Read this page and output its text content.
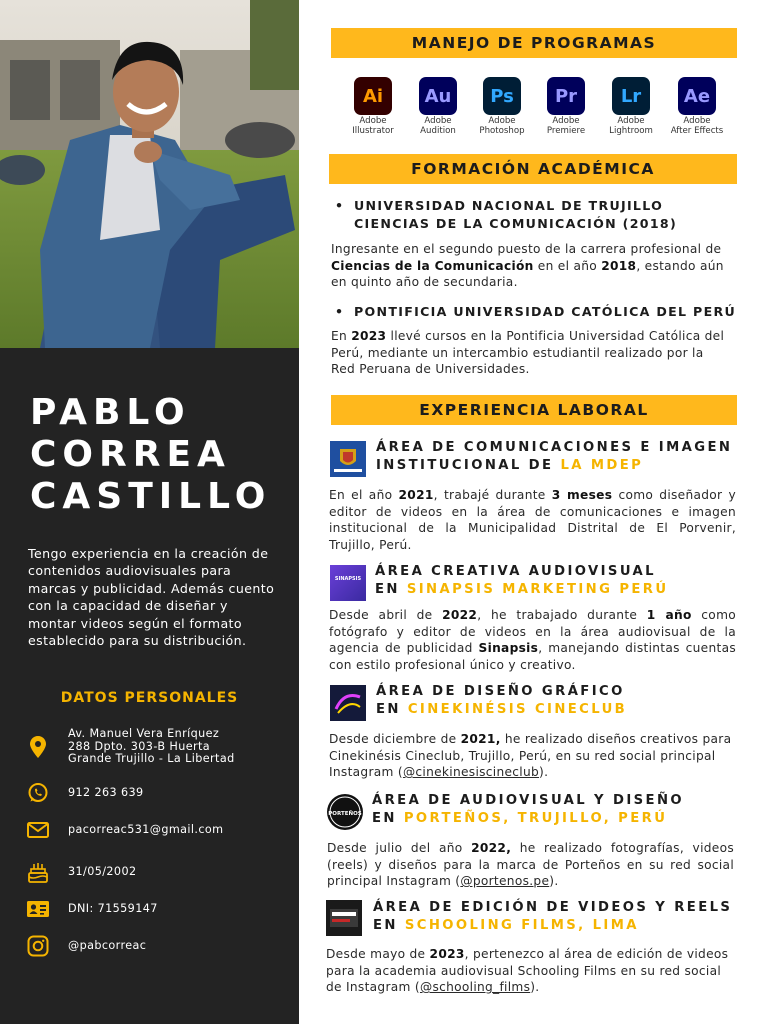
PABLO
CORREA
CASTILLO
Tengo experiencia en la creación de contenidos audiovisuales para marcas y publicidad. Además cuento con la capacidad de diseñar y montar videos según el formato establecido para su distribución.
DATOS PERSONALES
Av. Manuel Vera Enríquez
288 Dpto. 303-B Huerta
Grande Trujillo - La Libertad
912 263 639
pacorreac531@gmail.com
31/05/2002
DNI: 71559147
@pabcorreac
MANEJO DE PROGRAMAS
Ai
Adobe
Illustrator
Au
Adobe
Audition
Ps
Adobe
Photoshop
Pr
Adobe
Premiere
Lr
Adobe
Lightroom
Ae
Adobe
After Effects
FORMACIÓN ACADÉMICA
• UNIVERSIDAD NACIONAL DE TRUJILLO
CIENCIAS DE LA COMUNICACIÓN (2018)
Ingresante en el segundo puesto de la carrera profesional de Ciencias de la Comunicación en el año 2018, estando aún en quinto año de secundaria.
• PONTIFICIA UNIVERSIDAD CATÓLICA DEL PERÚ
En 2023 llevé cursos en la Pontificia Universidad Católica del Perú, mediante un intercambio estudiantil realizado por la Red Peruana de Universidades.
EXPERIENCIA LABORAL
ÁREA DE COMUNICACIONES E IMAGEN
INSTITUCIONAL DE LA MDEP
En el año 2021, trabajé durante 3 meses como diseñador y editor de videos en la área de comunicaciones e imagen institucional de la Municipalidad Distrital de El Porvenir, Trujillo, Perú.
SINAPSIS ÁREA CREATIVA AUDIOVISUAL
EN SINAPSIS MARKETING PERÚ
Desde abril de 2022, he trabajado durante 1 año como fotógrafo y editor de videos en la área audiovisual de la agencia de publicidad Sinapsis, manejando distintas cuentas con estilo profesional único y creativo.
ÁREA DE DISEÑO GRÁFICO
EN CINEKINÉSIS CINECLUB
Desde diciembre de 2021, he realizado diseños creativos para Cinekinésis Cineclub, Trujillo, Perú, en su red social principal Instagram (@cinekinesiscineclub).
PORTEÑOS
ÁREA DE AUDIOVISUAL Y DISEÑO
EN PORTEÑOS, TRUJILLO, PERÚ
Desde julio del año 2022, he realizado fotografías, videos (reels) y diseños para la marca de Porteños en su red social principal Instagram (@portenos.pe).
ÁREA DE EDICIÓN DE VIDEOS Y REELS
EN SCHOOLING FILMS, LIMA
Desde mayo de 2023, pertenezco al área de edición de videos para la academia audiovisual Schooling Films en su red social de Instagram (@schooling_films).
